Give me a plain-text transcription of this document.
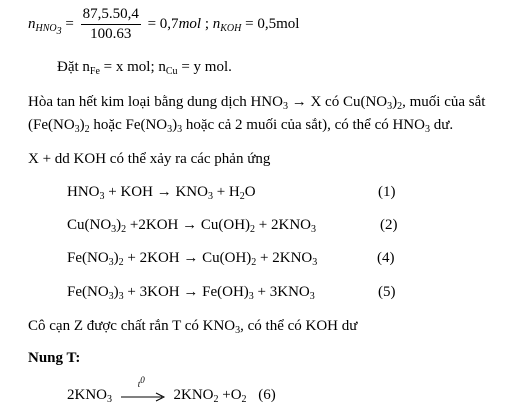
$n_{HNO_3} = \frac{87,5.50,4}{100.63} = 0,7mol$ ; $n_{KOH} = 0,5mol$
Đặt $n_{Fe} = x$ mol; $n_{Cu} = y$ mol.
Hòa tan hết kim loại bằng dung dịch $HNO_3 \to X$ có $Cu(NO_3)_2$, muối của sắt
($Fe(NO_3)_2$ hoặc $Fe(NO_3)_3$ hoặc cả 2 muối của sắt), có thể có $HNO_3$ dư.
X + dd KOH có thể xảy ra các phản ứng
$HNO_3$ + KOH → $KNO_3 + H_2O$	(1)
$Cu(NO_3)_2 +2KOH \to Cu(OH)_2 + 2KNO_3$	(2)
$Fe(NO_3)_2 + 2KOH \to Cu(OH)_2 + 2KNO_3$	(4)
$Fe(NO_3)_3 + 3KOH \to Fe(OH)_3 + 3KNO_3$	(5)
Cô cạn Z được chất rắn T có $KNO_3$, có thể có KOH dư
Nung T:
$2KNO_3$
$t^0$
$2KNO_2 +O_2$ (6)
